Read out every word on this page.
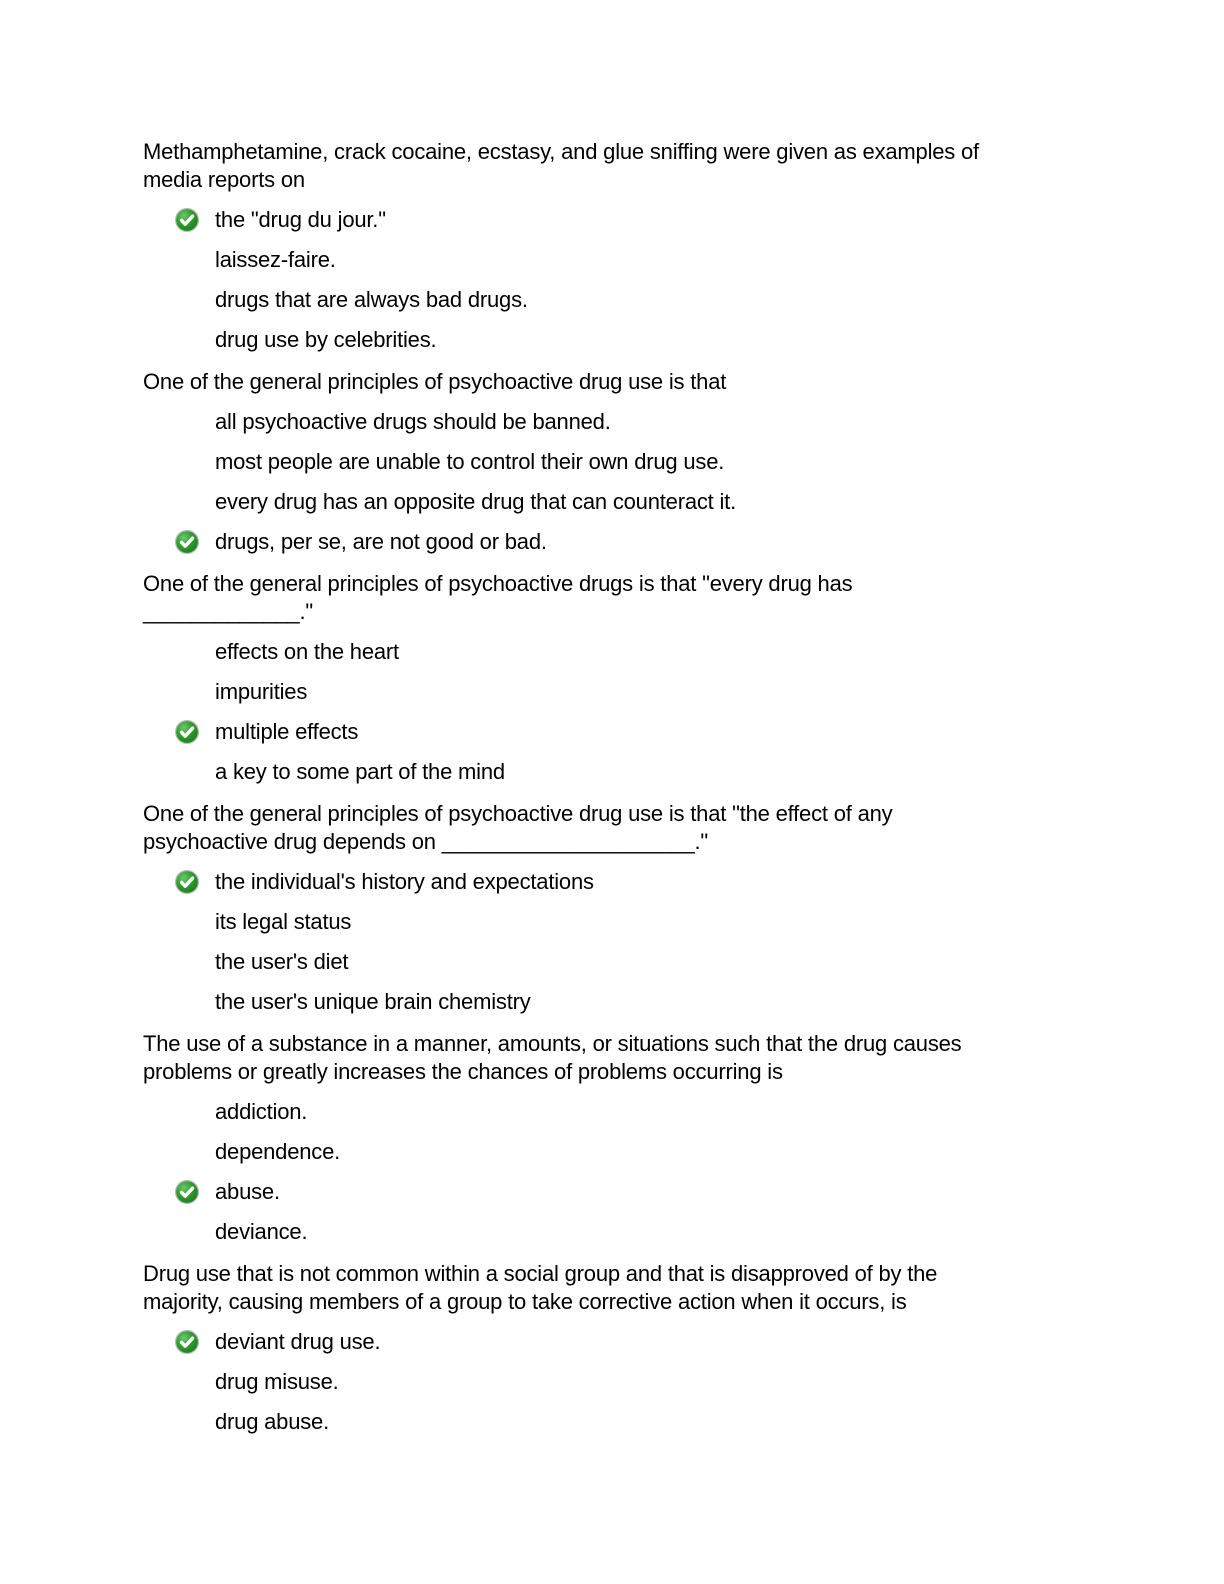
Methamphetamine, crack cocaine, ecstasy, and glue sniffing were given as examples of
media reports on
the "drug du jour."
laissez-faire.
drugs that are always bad drugs.
drug use by celebrities.
One of the general principles of psychoactive drug use is that
all psychoactive drugs should be banned.
most people are unable to control their own drug use.
every drug has an opposite drug that can counteract it.
drugs, per se, are not good or bad.
One of the general principles of psychoactive drugs is that "every drug has
_____________."
effects on the heart
impurities
multiple effects
a key to some part of the mind
One of the general principles of psychoactive drug use is that "the effect of any
psychoactive drug depends on _____________________."
the individual's history and expectations
its legal status
the user's diet
the user's unique brain chemistry
The use of a substance in a manner, amounts, or situations such that the drug causes
problems or greatly increases the chances of problems occurring is
addiction.
dependence.
abuse.
deviance.
Drug use that is not common within a social group and that is disapproved of by the
majority, causing members of a group to take corrective action when it occurs, is
deviant drug use.
drug misuse.
drug abuse.
